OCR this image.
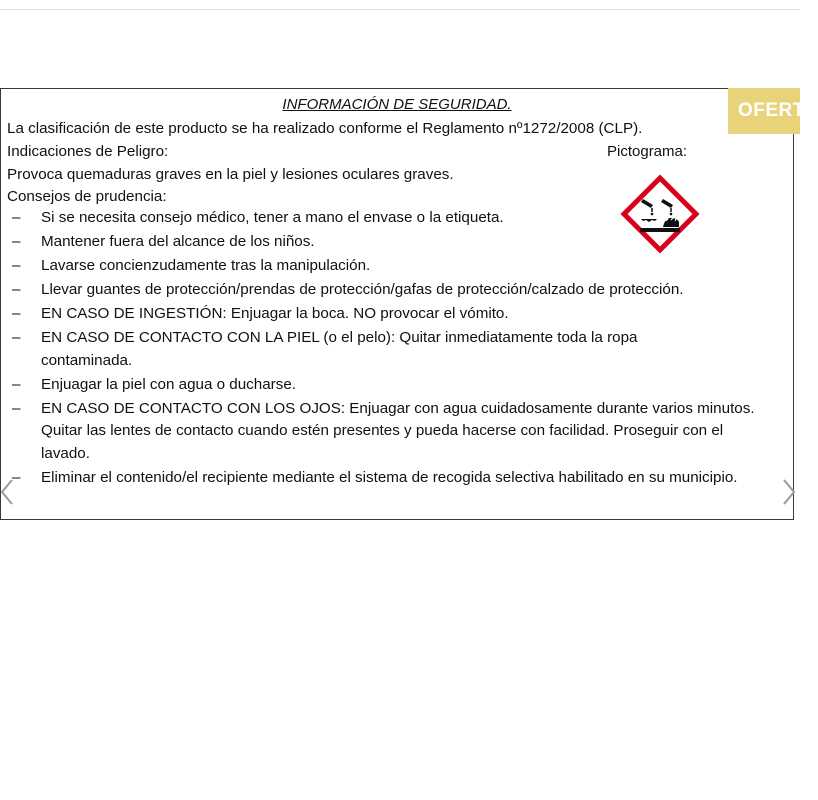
INFORMACIÓN DE SEGURIDAD.
La clasificación de este producto se ha realizado conforme el Reglamento nº1272/2008 (CLP).
Indicaciones de Peligro:	Pictograma:
Provoca quemaduras graves en la piel y lesiones oculares graves.
Consejos de prudencia:
– Si se necesita consejo médico, tener a mano el envase o la etiqueta.
– Mantener fuera del alcance de los niños.
– Lavarse concienzudamente tras la manipulación.
– Llevar guantes de protección/prendas de protección/gafas de protección/calzado de protección.
– EN CASO DE INGESTIÓN: Enjuagar la boca. NO provocar el vómito.
– EN CASO DE CONTACTO CON LA PIEL (o el pelo): Quitar inmediatamente toda la ropa contaminada.
– Enjuagar la piel con agua o ducharse.
– EN CASO DE CONTACTO CON LOS OJOS: Enjuagar con agua cuidadosamente durante varios minutos. Quitar las lentes de contacto cuando estén presentes y pueda hacerse con facilidad. Proseguir con el lavado.
– Eliminar el contenido/el recipiente mediante el sistema de recogida selectiva habilitado en su municipio.
OFERTA
